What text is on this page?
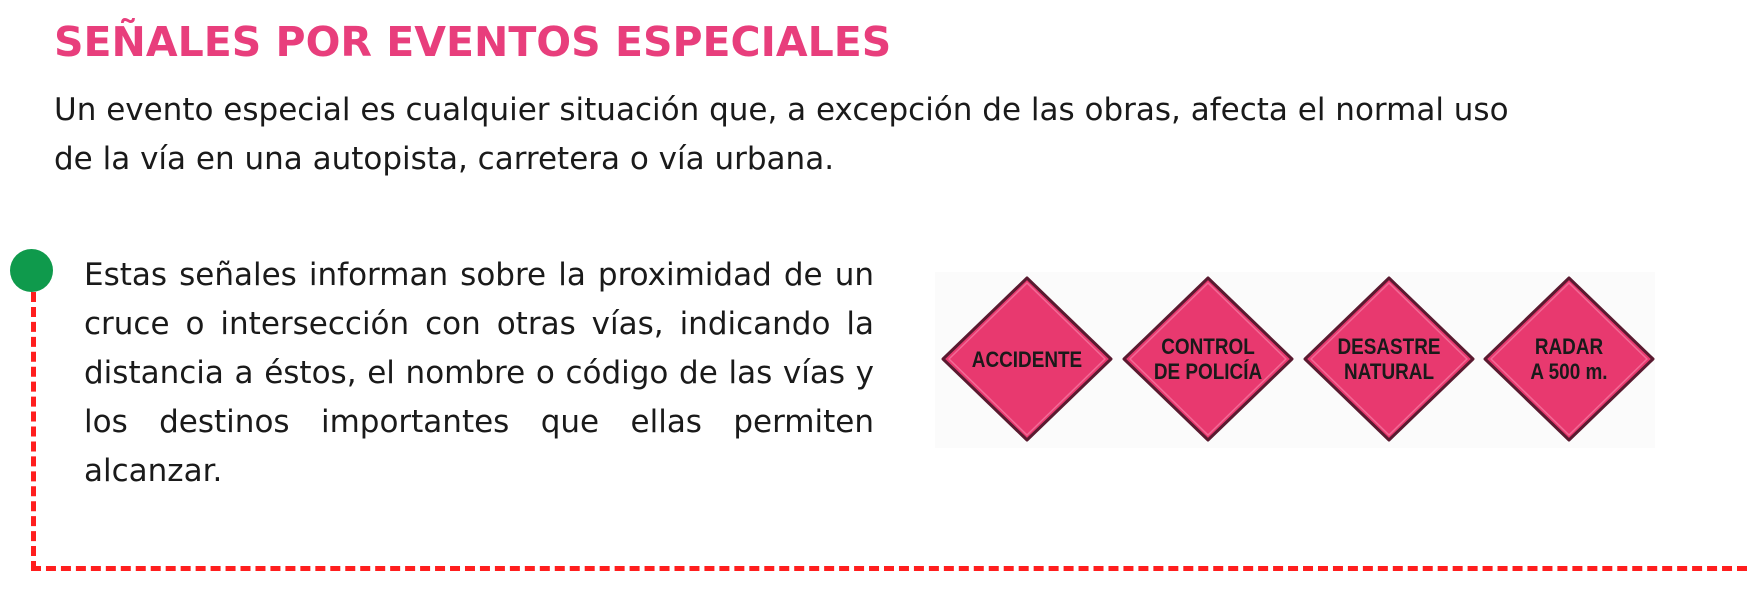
SEÑALES POR EVENTOS ESPECIALES

Un evento especial es cualquier situación que, a excepción de las obras, afecta el normal uso
de la vía en una autopista, carretera o vía urbana.

Estas señales informan sobre la proximidad de un cruce o intersección con otras vías, indicando la distancia a éstos, el nombre o código de las vías y los destinos importantes que ellas permiten alcanzar.

ACCIDENTE	CONTROL
DE POLICÍA
DESASTRE
NATURAL
RADAR
A 500 m.
